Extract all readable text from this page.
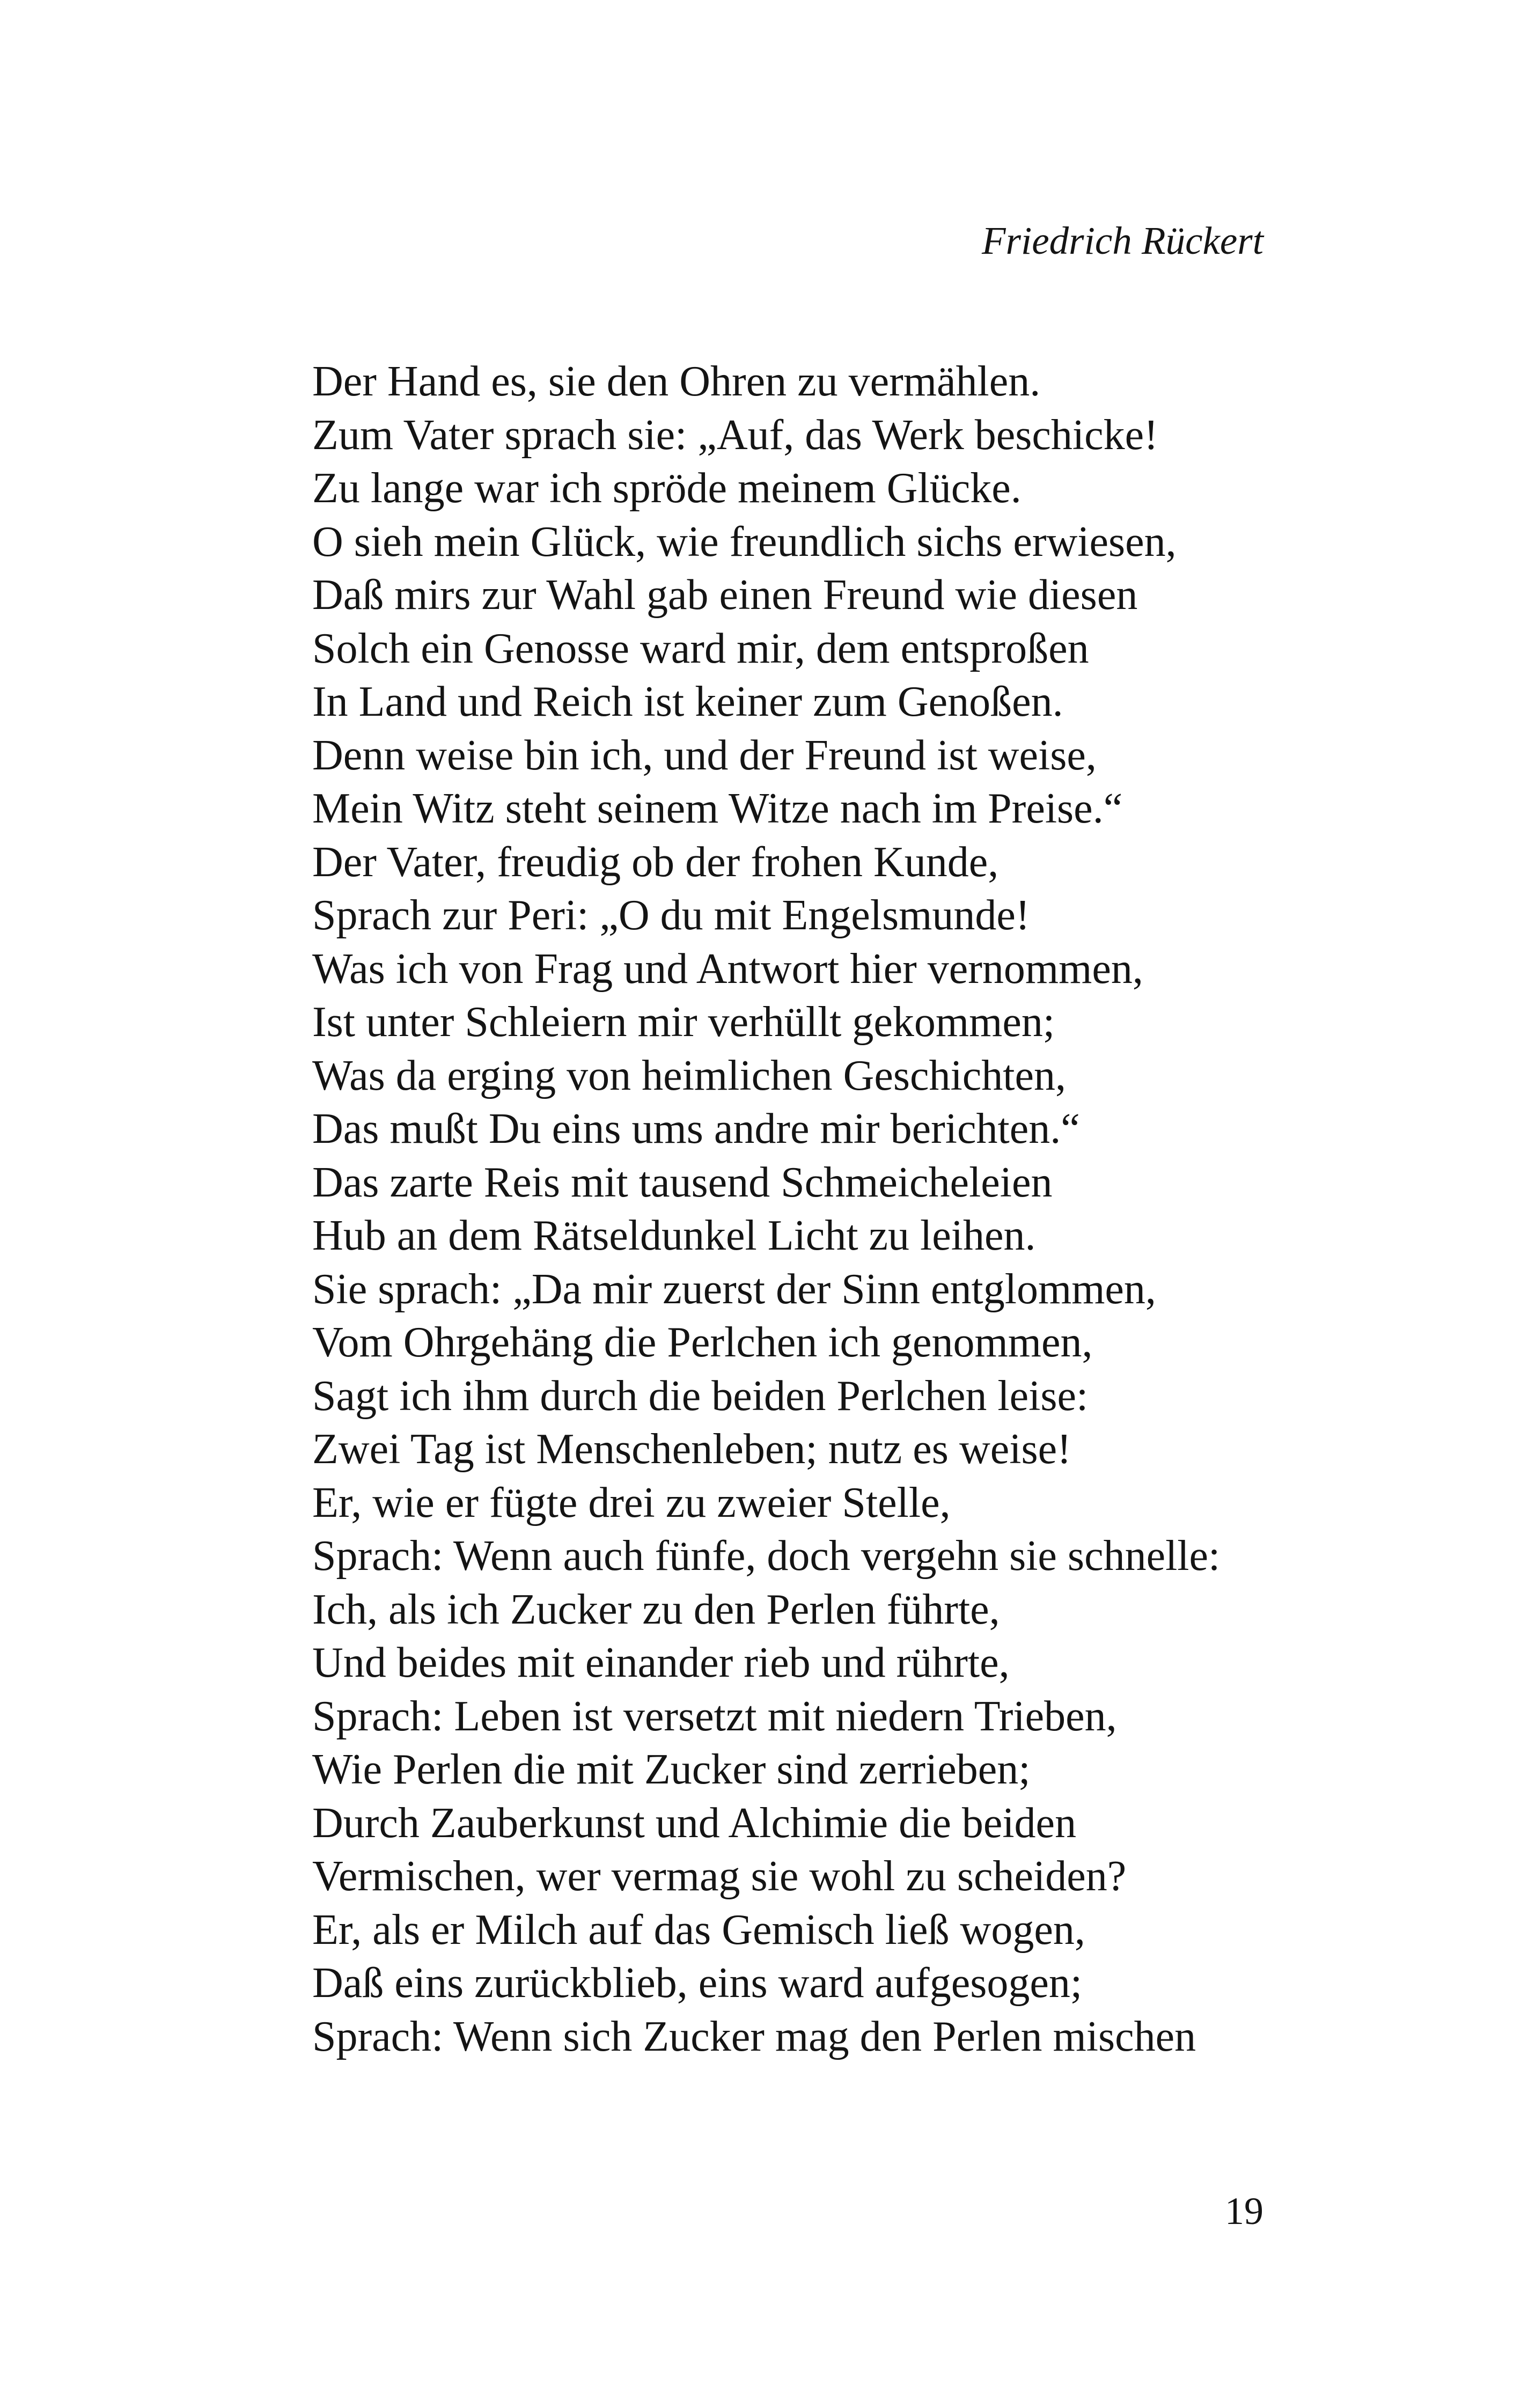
Friedrich Rückert
Der Hand es, sie den Ohren zu vermählen.
Zum Vater sprach sie: „Auf, das Werk beschicke!
Zu lange war ich spröde meinem Glücke.
O sieh mein Glück, wie freundlich sichs erwiesen,
Daß mirs zur Wahl gab einen Freund wie diesen
Solch ein Genosse ward mir, dem entsproßen
In Land und Reich ist keiner zum Genoßen.
Denn weise bin ich, und der Freund ist weise,
Mein Witz steht seinem Witze nach im Preise.“
Der Vater, freudig ob der frohen Kunde,
Sprach zur Peri: „O du mit Engelsmunde!
Was ich von Frag und Antwort hier vernommen,
Ist unter Schleiern mir verhüllt gekommen;
Was da erging von heimlichen Geschichten,
Das mußt Du eins ums andre mir berichten.“
Das zarte Reis mit tausend Schmeicheleien
Hub an dem Rätseldunkel Licht zu leihen.
Sie sprach: „Da mir zuerst der Sinn entglommen,
Vom Ohrgehäng die Perlchen ich genommen,
Sagt ich ihm durch die beiden Perlchen leise:
Zwei Tag ist Menschenleben; nutz es weise!
Er, wie er fügte drei zu zweier Stelle,
Sprach: Wenn auch fünfe, doch vergehn sie schnelle:
Ich, als ich Zucker zu den Perlen führte,
Und beides mit einander rieb und rührte,
Sprach: Leben ist versetzt mit niedern Trieben,
Wie Perlen die mit Zucker sind zerrieben;
Durch Zauberkunst und Alchimie die beiden
Vermischen, wer vermag sie wohl zu scheiden?
Er, als er Milch auf das Gemisch ließ wogen,
Daß eins zurückblieb, eins ward aufgesogen;
Sprach: Wenn sich Zucker mag den Perlen mischen
19
